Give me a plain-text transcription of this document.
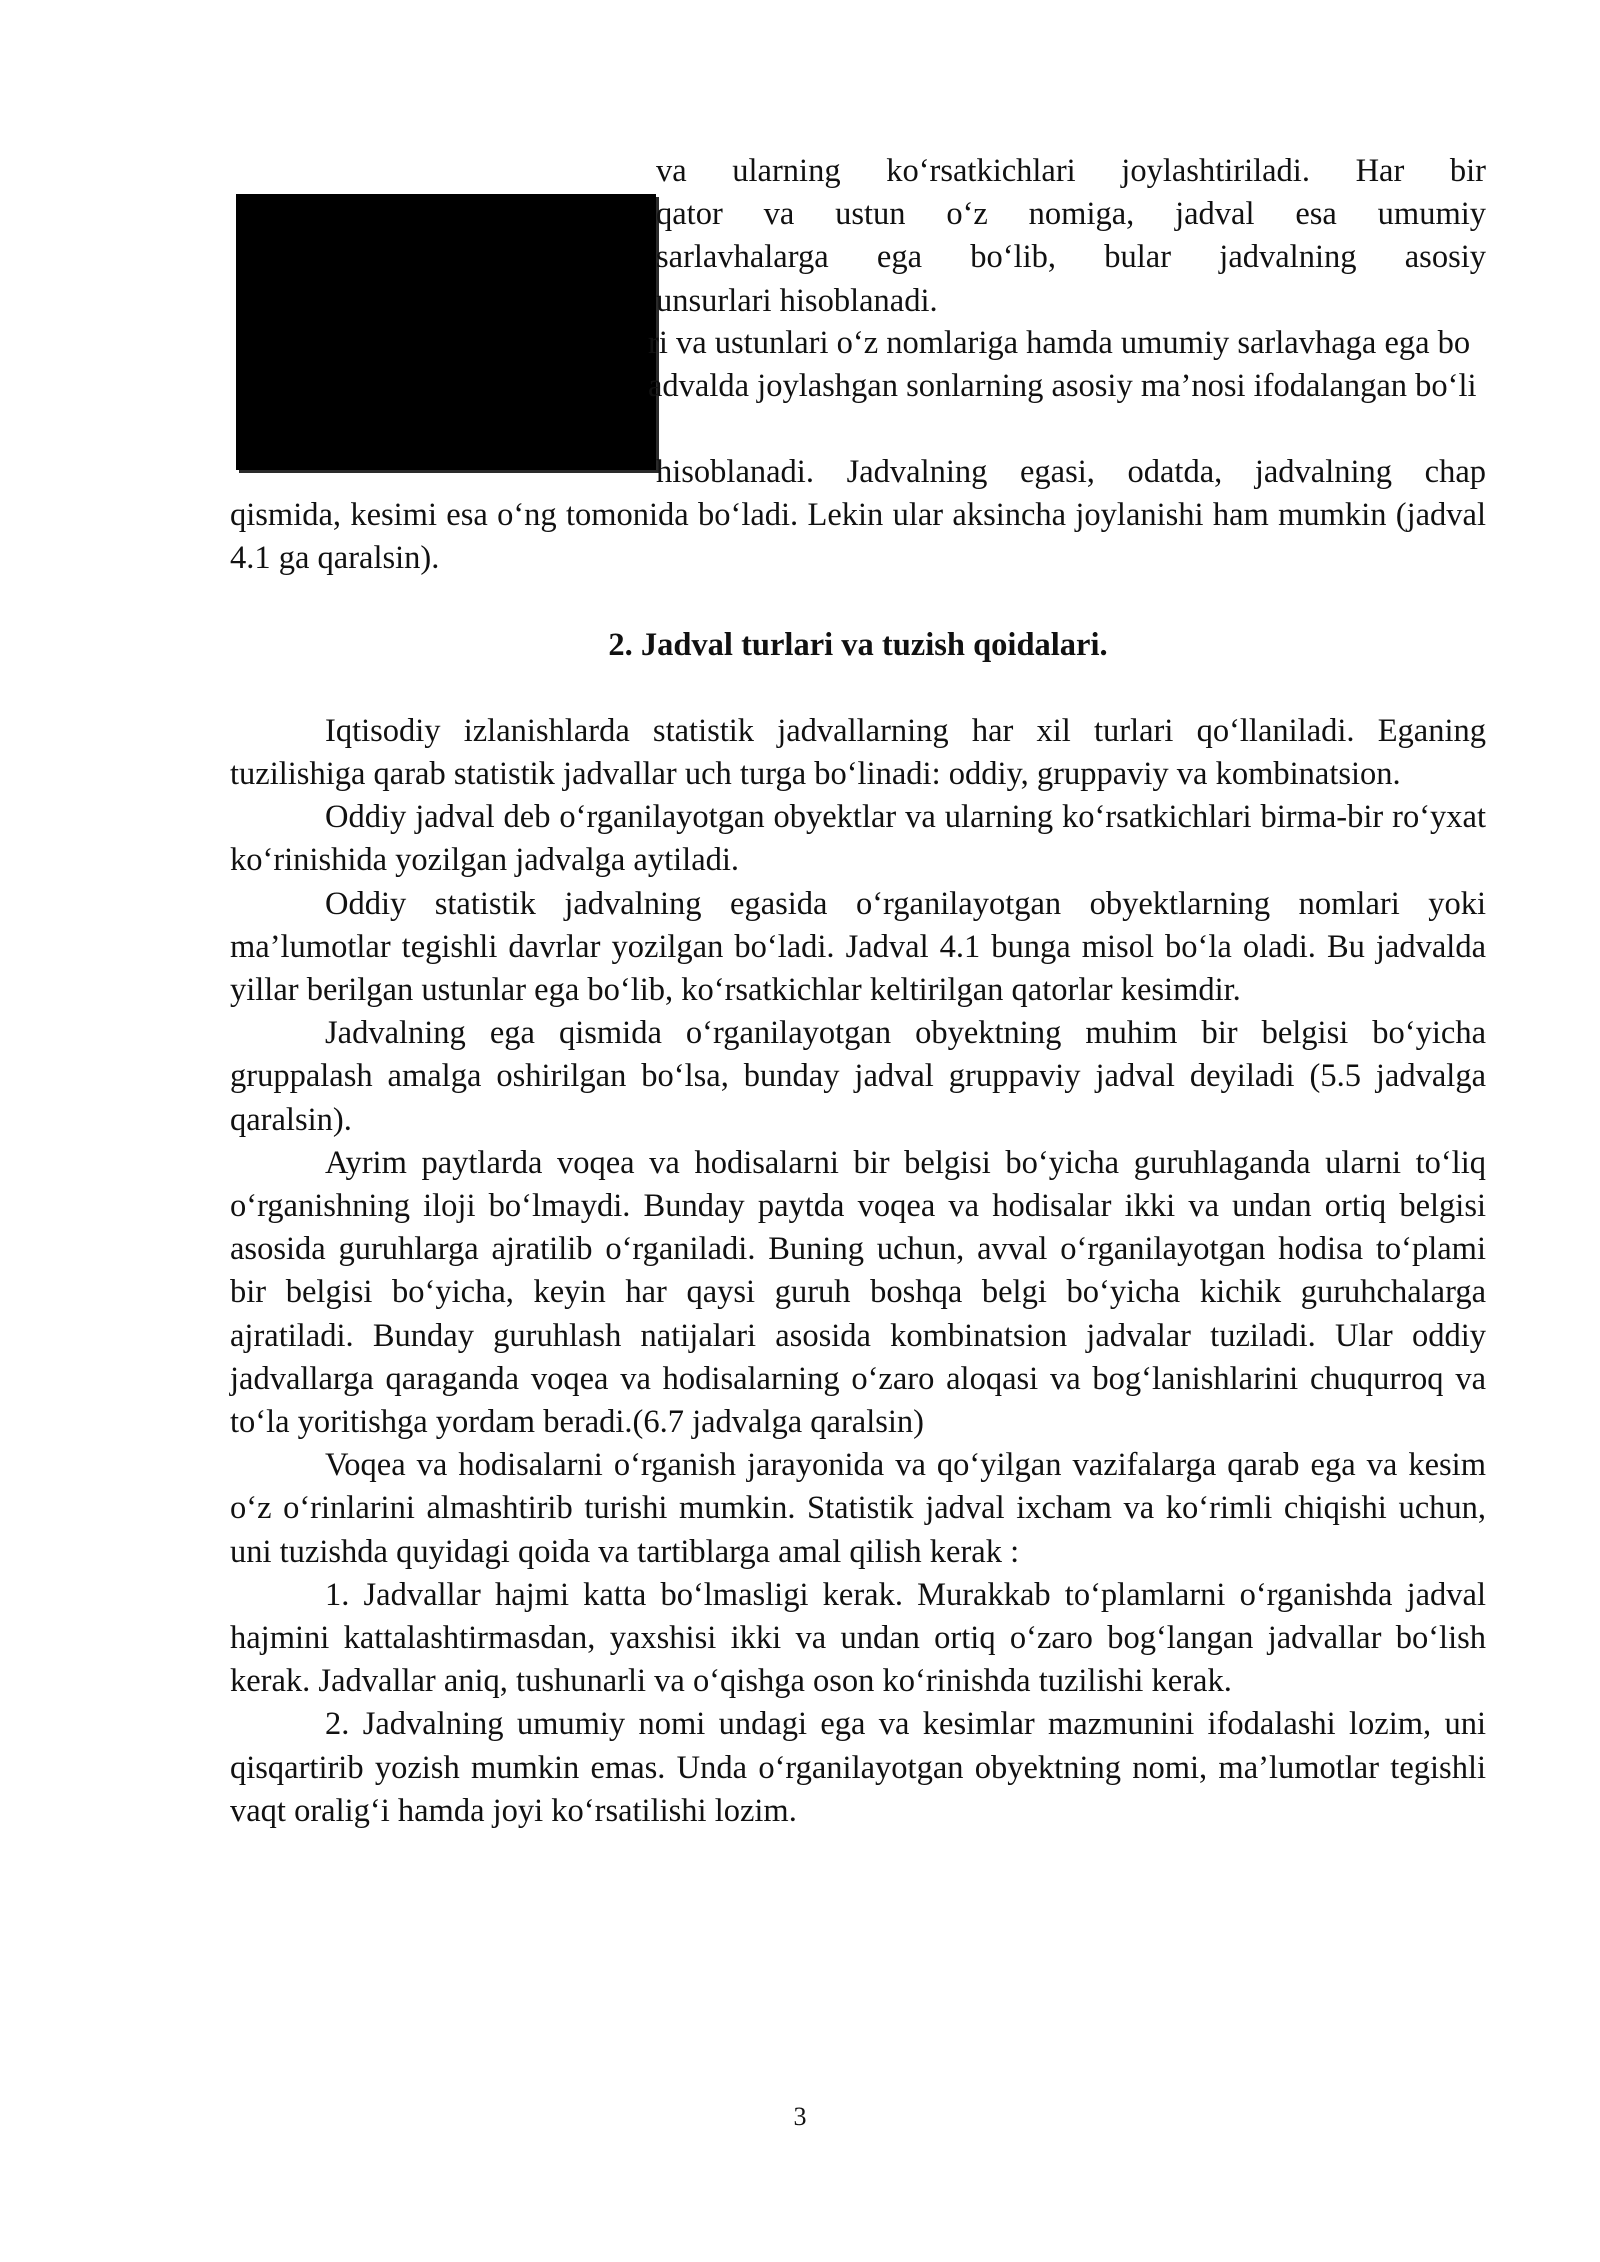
va ularning ko‘rsatkichlari joylashtiriladi. Har bir

qator va ustun o‘z nomiga, jadval esa umumiy

sarlavhalarga ega bo‘lib, bular jadvalning asosiy

unsurlari hisoblanadi.

ri va ustunlari o‘z nomlariga hamda umumiy sarlavhaga ega bo
advalda joylashgan sonlarning asosiy ma’nosi ifodalangan bo‘li

hisoblanadi. Jadvalning egasi, odatda, jadvalning chap

qismida, kesimi esa o‘ng tomonida bo‘ladi. Lekin ular aksincha joylanishi ham mumkin (jadval 4.1 ga qaralsin).

2. Jadval turlari va tuzish qoidalari.

Iqtisodiy izlanishlarda statistik jadvallarning har xil turlari qo‘llaniladi. Eganing tuzilishiga qarab statistik jadvallar uch turga bo‘linadi: oddiy, gruppaviy va kombinatsion.

Oddiy jadval deb o‘rganilayotgan obyektlar va ularning ko‘rsatkichlari birma-bir ro‘yxat ko‘rinishida yozilgan jadvalga aytiladi.

Oddiy statistik jadvalning egasida o‘rganilayotgan obyektlarning nomlari yoki ma’lumotlar tegishli davrlar yozilgan bo‘ladi. Jadval 4.1 bunga misol bo‘la oladi. Bu jadvalda yillar berilgan ustunlar ega bo‘lib, ko‘rsatkichlar keltirilgan qatorlar kesimdir.

Jadvalning ega qismida o‘rganilayotgan obyektning muhim bir belgisi bo‘yicha gruppalash amalga oshirilgan bo‘lsa, bunday jadval gruppaviy jadval deyiladi (5.5 jadvalga qaralsin).

Ayrim paytlarda voqea va hodisalarni bir belgisi bo‘yicha guruhlaganda ularni to‘liq o‘rganishning iloji bo‘lmaydi. Bunday paytda voqea va hodisalar ikki va undan ortiq belgisi asosida guruhlarga ajratilib o‘rganiladi. Buning uchun, avval o‘rganilayotgan hodisa to‘plami bir belgisi bo‘yicha, keyin har qaysi guruh boshqa belgi bo‘yicha kichik guruhchalarga ajratiladi. Bunday guruhlash natijalari asosida kombinatsion jadvalar tuziladi. Ular oddiy jadvallarga qaraganda voqea va hodisalarning o‘zaro aloqasi va bog‘lanishlarini chuqurroq va to‘la yoritishga yordam beradi.(6.7 jadvalga qaralsin)

Voqea va hodisalarni o‘rganish jarayonida va qo‘yilgan vazifalarga qarab ega va kesim o‘z o‘rinlarini almashtirib turishi mumkin. Statistik jadval ixcham va ko‘rimli chiqishi uchun, uni tuzishda quyidagi qoida va tartiblarga amal qilish kerak :

1. Jadvallar hajmi katta bo‘lmasligi kerak. Murakkab to‘plamlarni o‘rganishda jadval hajmini kattalashtirmasdan, yaxshisi ikki va undan ortiq o‘zaro bog‘langan jadvallar bo‘lish kerak. Jadvallar aniq, tushunarli va o‘qishga oson ko‘rinishda tuzilishi kerak.

2. Jadvalning umumiy nomi undagi ega va kesimlar mazmunini ifodalashi lozim, uni qisqartirib yozish mumkin emas. Unda o‘rganilayotgan obyektning nomi, ma’lumotlar tegishli vaqt oralig‘i hamda joyi ko‘rsatilishi lozim.

3
